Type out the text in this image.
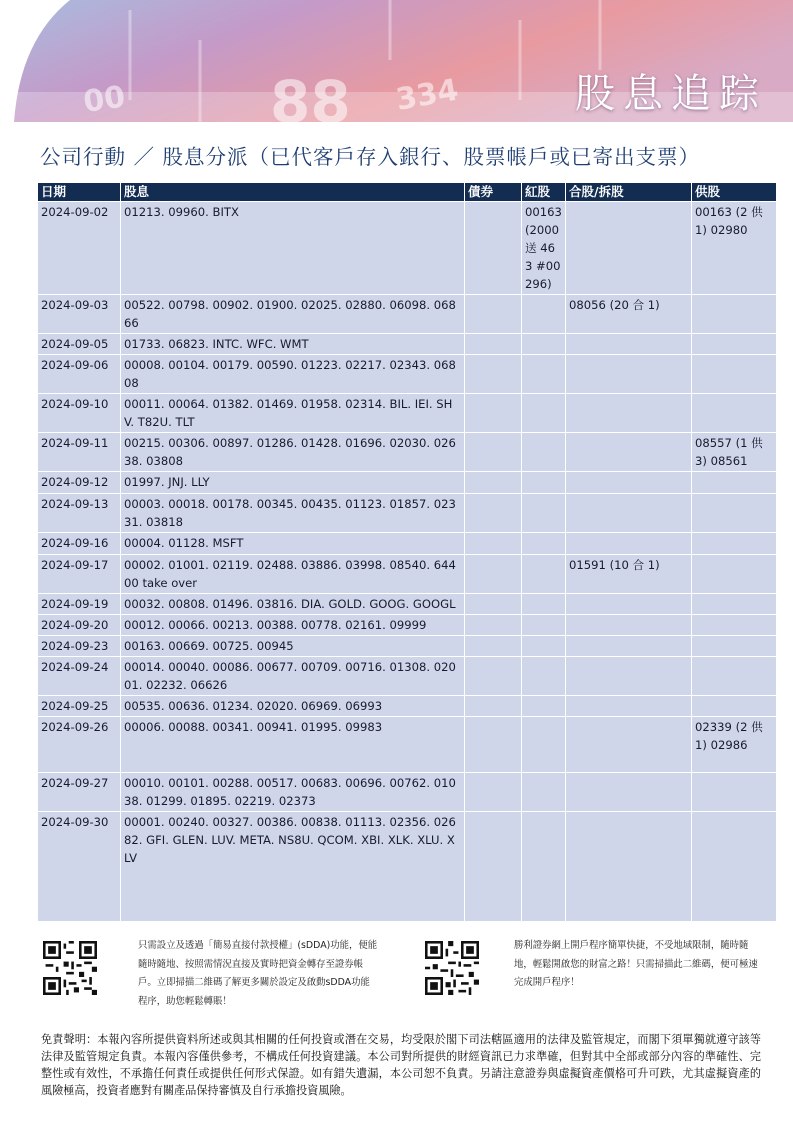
00 88 334	股息追踪
公司行動 ／ 股息分派（已代客戶存入銀行、股票帳戶或已寄出支票）
日期	股息	債券	紅股	合股/拆股	供股
2024-09-02	01213. 09960. BITX		00163 (2000 送 463 #00296)		00163 (2 供 1) 02980
2024-09-03	00522. 00798. 00902. 01900. 02025. 02880. 06098. 06866			08056 (20 合 1)	
2024-09-05	01733. 06823. INTC. WFC. WMT				
2024-09-06	00008. 00104. 00179. 00590. 01223. 02217. 02343. 06808				
2024-09-10	00011. 00064. 01382. 01469. 01958. 02314. BIL. IEI. SHV. T82U. TLT				
2024-09-11	00215. 00306. 00897. 01286. 01428. 01696. 02030. 02638. 03808				08557 (1 供 3) 08561
2024-09-12	01997. JNJ. LLY				
2024-09-13	00003. 00018. 00178. 00345. 00435. 01123. 01857. 02331. 03818				
2024-09-16	00004. 01128. MSFT				
2024-09-17	00002. 01001. 02119. 02488. 03886. 03998. 08540. 64400 take over			01591 (10 合 1)	
2024-09-19	00032. 00808. 01496. 03816. DIA. GOLD. GOOG. GOOGL				
2024-09-20	00012. 00066. 00213. 00388. 00778. 02161. 09999				
2024-09-23	00163. 00669. 00725. 00945				
2024-09-24	00014. 00040. 00086. 00677. 00709. 00716. 01308. 02001. 02232. 06626				
2024-09-25	00535. 00636. 01234. 02020. 06969. 06993				
2024-09-26	00006. 00088. 00341. 00941. 01995. 09983				02339 (2 供 1) 02986
2024-09-27	00010. 00101. 00288. 00517. 00683. 00696. 00762. 01038. 01299. 01895. 02219. 02373				
2024-09-30	00001. 00240. 00327. 00386. 00838. 01113. 02356. 02682. GFI. GLEN. LUV. META. NS8U. QCOM. XBI. XLK. XLU. XLV				
只需設立及透過「簡易直接付款授權」(sDDA)功能，便能隨時隨地、按照需情況直接及實時把資金轉存至證券帳戶。立即掃描二維碼了解更多關於設定及啟動sDDA功能程序，助您輕鬆轉賬！
勝利證券網上開戶程序簡單快捷，不受地域限制，隨時隨地，輕鬆開啟您的財富之路！只需掃描此二維碼，便可極速完成開戶程序！
免責聲明：本報內容所提供資料所述或與其相關的任何投資或潛在交易，均受限於閣下司法轄區適用的法律及監管規定，而閣下須單獨就遵守該等法律及監管規定負責。本報內容僅供參考，不構成任何投資建議。本公司對所提供的財經資訊已力求準確，但對其中全部或部分內容的準確性、完整性或有效性，不承擔任何責任或提供任何形式保證。如有錯失遺漏，本公司恕不負責。另請注意證券與虛擬資產價格可升可跌，尤其虛擬資產的風險極高，投資者應對有關產品保持審慎及自行承擔投資風險。
